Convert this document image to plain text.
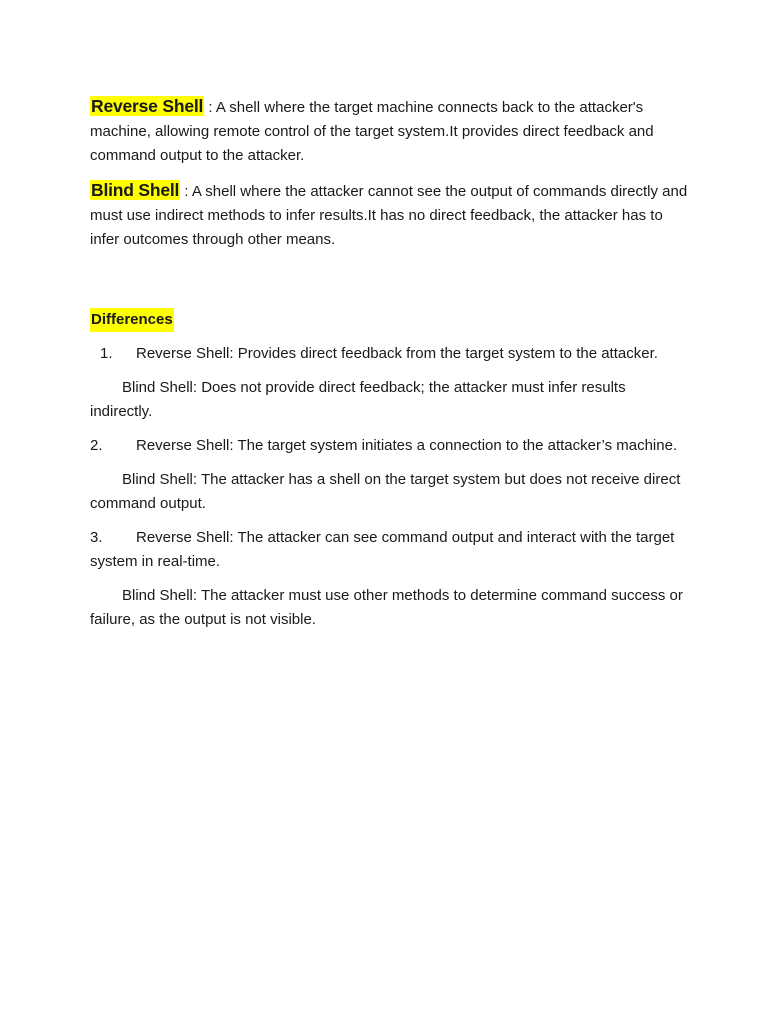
Reverse Shell : A shell where the target machine connects back to the attacker's machine, allowing remote control of the target system.It provides direct feedback and command output to the attacker.

Blind Shell : A shell where the attacker cannot see the output of commands directly and must use indirect methods to infer results.It has no direct feedback, the attacker has to infer outcomes through other means.

Differences

1. Reverse Shell: Provides direct feedback from the target system to the attacker.

Blind Shell: Does not provide direct feedback; the attacker must infer results indirectly.

2. Reverse Shell: The target system initiates a connection to the attacker’s machine.

Blind Shell: The attacker has a shell on the target system but does not receive direct command output.

3. Reverse Shell: The attacker can see command output and interact with the target system in real-time.

Blind Shell: The attacker must use other methods to determine command success or failure, as the output is not visible.
